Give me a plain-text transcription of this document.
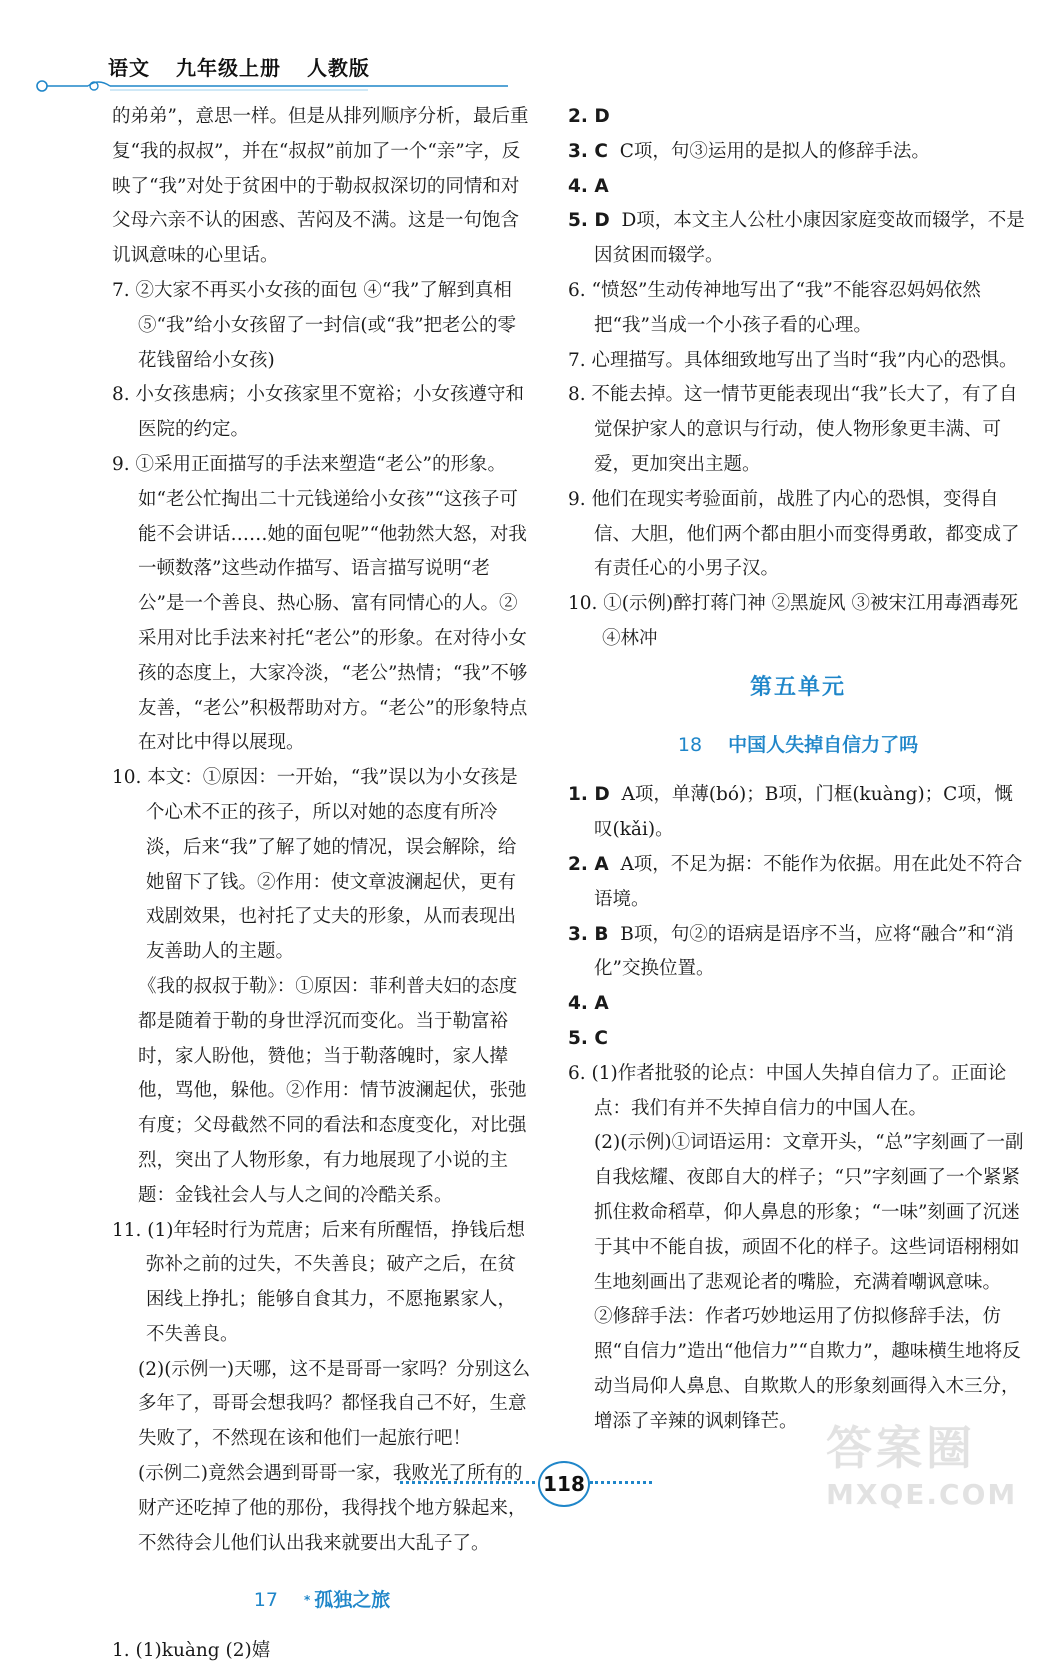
语文 九年级上册 人教版

的弟弟”，意思一样。但是从排列顺序分析，最后重复“我的叔叔”，并在“叔叔”前加了一个“亲”字，反映了“我”对处于贫困中的于勒叔叔深切的同情和对父母六亲不认的困惑、苦闷及不满。这是一句饱含讥讽意味的心里话。

7. ②大家不再买小女孩的面包 ④“我”了解到真相 ⑤“我”给小女孩留了一封信(或“我”把老公的零花钱留给小女孩)

8. 小女孩患病；小女孩家里不宽裕；小女孩遵守和医院的约定。

9. ①采用正面描写的手法来塑造“老公”的形象。如“老公忙掏出二十元钱递给小女孩”“这孩子可能不会讲话……她的面包呢”“他勃然大怒，对我一顿数落”这些动作描写、语言描写说明“老公”是一个善良、热心肠、富有同情心的人。②采用对比手法来衬托“老公”的形象。在对待小女孩的态度上，大家冷淡，“老公”热情；“我”不够友善，“老公”积极帮助对方。“老公”的形象特点在对比中得以展现。

10. 本文：①原因：一开始，“我”误以为小女孩是个心术不正的孩子，所以对她的态度有所冷淡，后来“我”了解了她的情况，误会解除，给她留下了钱。②作用：使文章波澜起伏，更有戏剧效果，也衬托了丈夫的形象，从而表现出友善助人的主题。

《我的叔叔于勒》：①原因：菲利普夫妇的态度都是随着于勒的身世浮沉而变化。当于勒富裕时，家人盼他，赞他；当于勒落魄时，家人撵他，骂他，躲他。②作用：情节波澜起伏，张弛有度；父母截然不同的看法和态度变化，对比强烈，突出了人物形象，有力地展现了小说的主题：金钱社会人与人之间的冷酷关系。

11. (1)年轻时行为荒唐；后来有所醒悟，挣钱后想弥补之前的过失，不失善良；破产之后，在贫困线上挣扎；能够自食其力，不愿拖累家人，不失善良。

(2)(示例一)天哪，这不是哥哥一家吗？分别这么多年了，哥哥会想我吗？都怪我自己不好，生意失败了，不然现在该和他们一起旅行吧！

(示例二)竟然会遇到哥哥一家，我败光了所有的财产还吃掉了他的那份，我得找个地方躲起来，不然待会儿他们认出我来就要出大乱子了。

17 * 孤独之旅

1. (1)kuàng (2)嬉

2. D

3. C C项，句③运用的是拟人的修辞手法。

4. A

5. D D项，本文主人公杜小康因家庭变故而辍学，不是因贫困而辍学。

6. “愤怒”生动传神地写出了“我”不能容忍妈妈依然把“我”当成一个小孩子看的心理。

7. 心理描写。具体细致地写出了当时“我”内心的恐惧。

8. 不能去掉。这一情节更能表现出“我”长大了，有了自觉保护家人的意识与行动，使人物形象更丰满、可爱，更加突出主题。

9. 他们在现实考验面前，战胜了内心的恐惧，变得自信、大胆，他们两个都由胆小而变得勇敢，都变成了有责任心的小男子汉。

10. ①(示例)醉打蒋门神 ②黑旋风 ③被宋江用毒酒毒死 ④林冲

第五单元
18 中国人失掉自信力了吗

1. D A项，单薄(bó)；B项，门框(kuàng)；C项，慨叹(kǎi)。

2. A A项，不足为据：不能作为依据。用在此处不符合语境。

3. B B项，句②的语病是语序不当，应将“融合”和“消化”交换位置。

4. A

5. C

6. (1)作者批驳的论点：中国人失掉自信力了。正面论点：我们有并不失掉自信力的中国人在。

(2)(示例)①词语运用：文章开头，“总”字刻画了一副自我炫耀、夜郎自大的样子；“只”字刻画了一个紧紧抓住救命稻草，仰人鼻息的形象；“一味”刻画了沉迷于其中不能自拔，顽固不化的样子。这些词语栩栩如生地刻画出了悲观论者的嘴脸，充满着嘲讽意味。

②修辞手法：作者巧妙地运用了仿拟修辞手法，仿照“自信力”造出“他信力”“自欺力”，趣味横生地将反动当局仰人鼻息、自欺欺人的形象刻画得入木三分，增添了辛辣的讽刺锋芒。

118
答案圈
MXQE.COM
